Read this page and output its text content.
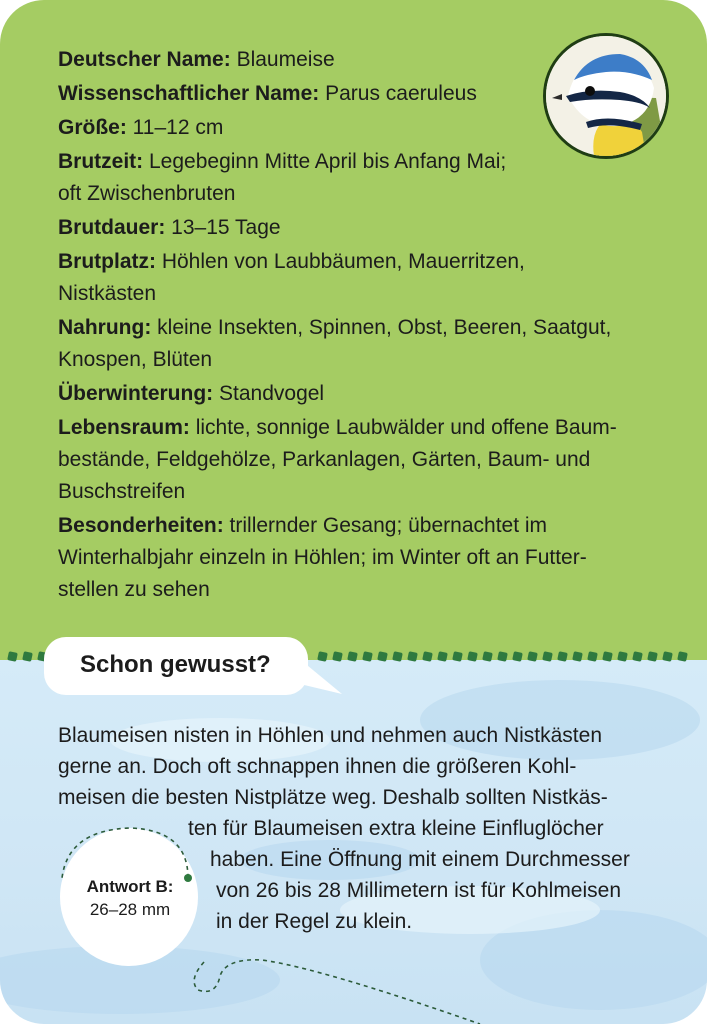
Deutscher Name: Blaumeise
Wissenschaftlicher Name: Parus caeruleus
Größe: 11–12 cm
Brutzeit: Legebeginn Mitte April bis Anfang Mai;
oft Zwischenbruten
Brutdauer: 13–15 Tage
Brutplatz: Höhlen von Laubbäumen, Mauerritzen,
Nistkästen
Nahrung: kleine Insekten, Spinnen, Obst, Beeren, Saatgut,
Knospen, Blüten
Überwinterung: Standvogel
Lebensraum: lichte, sonnige Laubwälder und offene Baum-
bestände, Feldgehölze, Parkanlagen, Gärten, Baum- und
Buschstreifen
Besonderheiten: trillernder Gesang; übernachtet im
Winterhalbjahr einzeln in Höhlen; im Winter oft an Futter-
stellen zu sehen
Schon gewusst?
Blaumeisen nisten in Höhlen und nehmen auch Nistkästen
gerne an. Doch oft schnappen ihnen die größeren Kohl-
meisen die besten Nistplätze weg. Deshalb sollten Nistkäs-
ten für Blaumeisen extra kleine Einfluglöcher
haben. Eine Öffnung mit einem Durchmesser
von 26 bis 28 Millimetern ist für Kohlmeisen
in der Regel zu klein.
Antwort B:
26–28 mm
